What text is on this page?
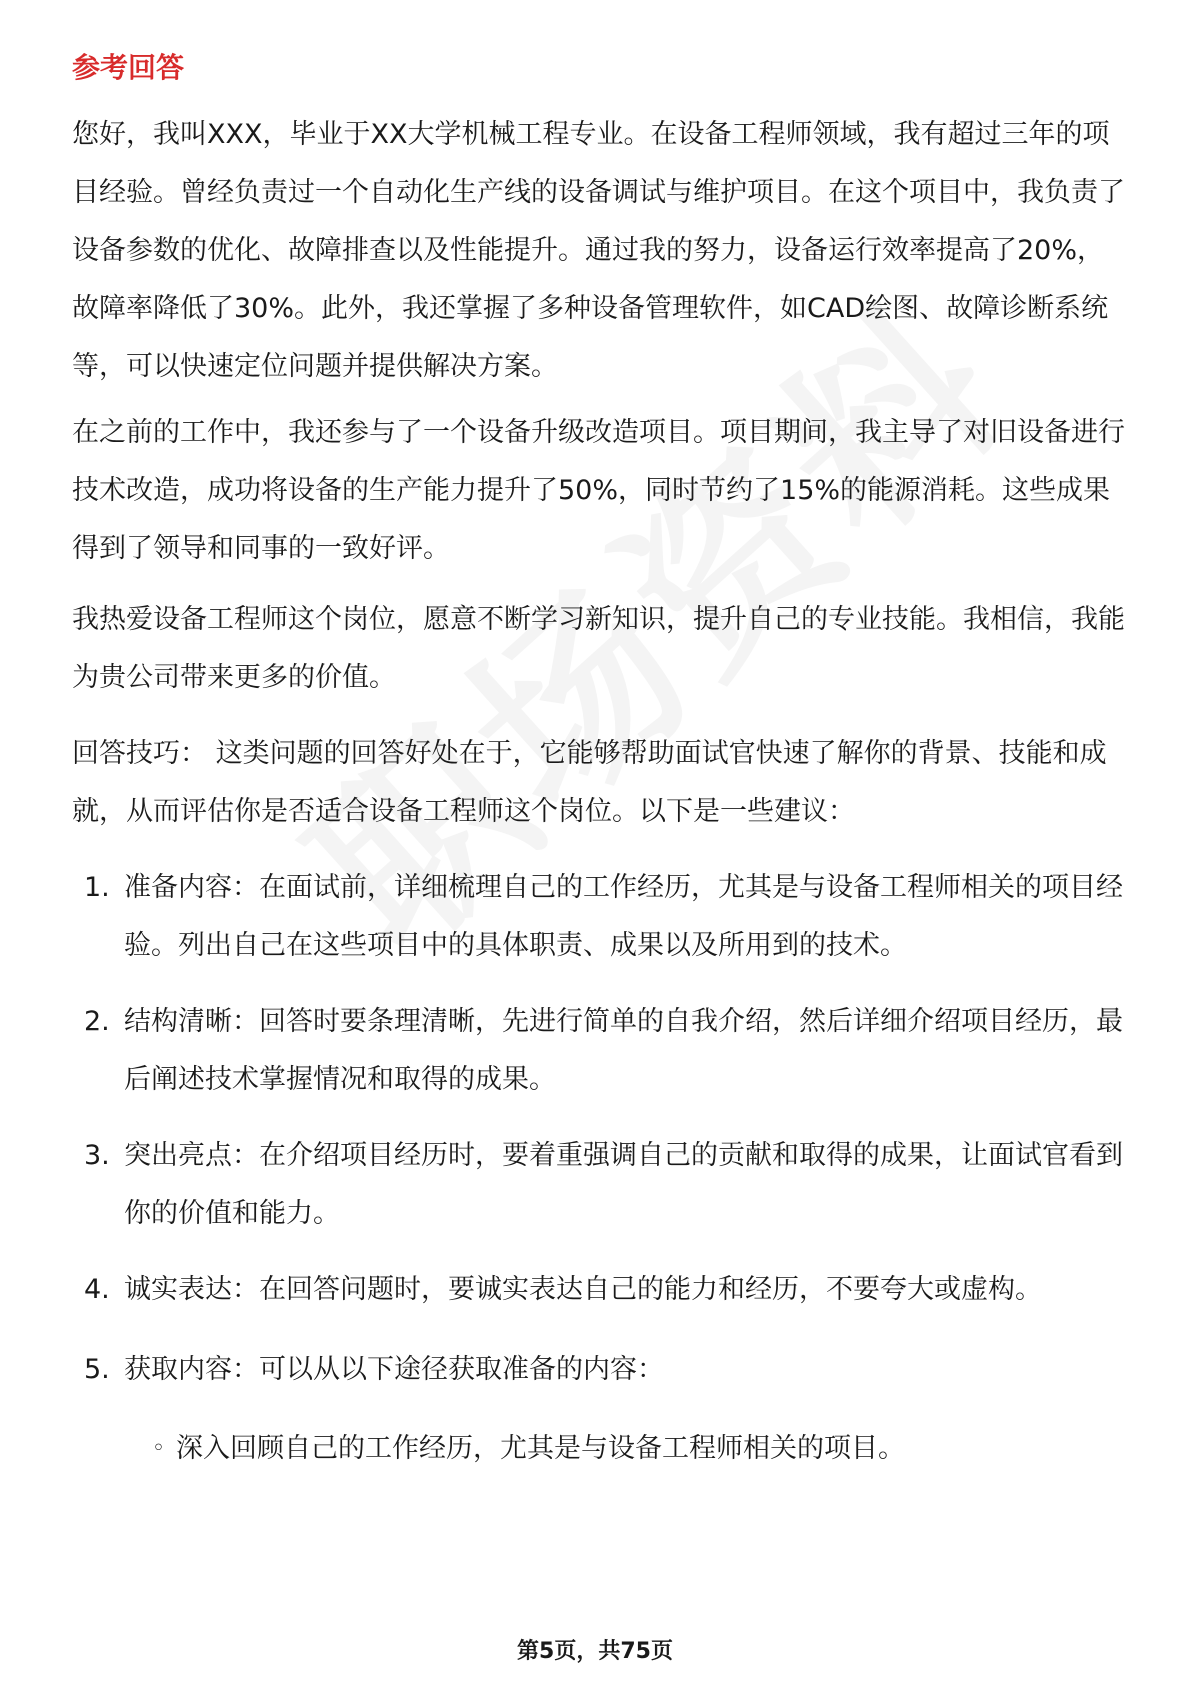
参考回答

您好，我叫XXX，毕业于XX大学机械工程专业。在设备工程师领域，我有超过三年的项目经验。曾经负责过一个自动化生产线的设备调试与维护项目。在这个项目中，我负责了设备参数的优化、故障排查以及性能提升。通过我的努力，设备运行效率提高了20%，故障率降低了30%。此外，我还掌握了多种设备管理软件，如CAD绘图、故障诊断系统等，可以快速定位问题并提供解决方案。

在之前的工作中，我还参与了一个设备升级改造项目。项目期间，我主导了对旧设备进行技术改造，成功将设备的生产能力提升了50%，同时节约了15%的能源消耗。这些成果得到了领导和同事的一致好评。

我热爱设备工程师这个岗位，愿意不断学习新知识，提升自己的专业技能。我相信，我能为贵公司带来更多的价值。

回答技巧： 这类问题的回答好处在于，它能够帮助面试官快速了解你的背景、技能和成就，从而评估你是否适合设备工程师这个岗位。以下是一些建议：

1. 准备内容：在面试前，详细梳理自己的工作经历，尤其是与设备工程师相关的项目经验。列出自己在这些项目中的具体职责、成果以及所用到的技术。
2. 结构清晰：回答时要条理清晰，先进行简单的自我介绍，然后详细介绍项目经历，最后阐述技术掌握情况和取得的成果。
3. 突出亮点：在介绍项目经历时，要着重强调自己的贡献和取得的成果，让面试官看到你的价值和能力。
4. 诚实表达：在回答问题时，要诚实表达自己的能力和经历，不要夸大或虚构。
5. 获取内容：可以从以下途径获取准备的内容：
◦ 深入回顾自己的工作经历，尤其是与设备工程师相关的项目。
第5页，共75页
